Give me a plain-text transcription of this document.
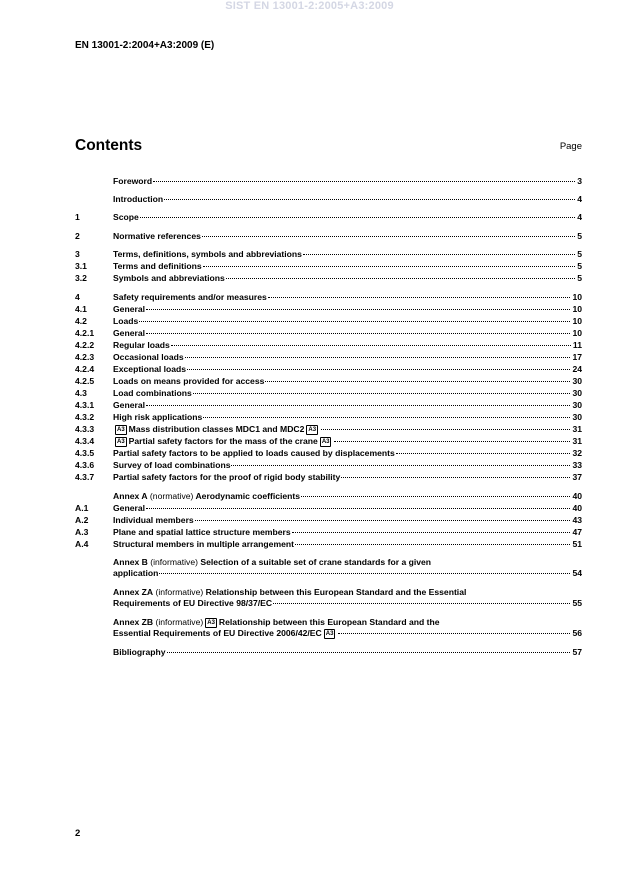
SIST EN 13001-2:2005+A3:2009
EN 13001-2:2004+A3:2009 (E)
Contents	Page
Foreword	3
Introduction	4
1	Scope	4
2	Normative references	5
3	Terms, definitions, symbols and abbreviations	5
3.1	Terms and definitions	5
3.2	Symbols and abbreviations	5
4	Safety requirements and/or measures	10
4.1	General	10
4.2	Loads	10
4.2.1	General	10
4.2.2	Regular loads	11
4.2.3	Occasional loads	17
4.2.4	Exceptional loads	24
4.2.5	Loads on means provided for access	30
4.3	Load combinations	30
4.3.1	General	30
4.3.2	High risk applications	30
4.3.3	A3 Mass distribution classes MDC1 and MDC2 A3	31
4.3.4	A3 Partial safety factors for the mass of the crane A3	31
4.3.5	Partial safety factors to be applied to loads caused by displacements	32
4.3.6	Survey of load combinations	33
4.3.7	Partial safety factors for the proof of rigid body stability	37
Annex A (normative) Aerodynamic coefficients	40
A.1	General	40
A.2	Individual members	43
A.3	Plane and spatial lattice structure members	47
A.4	Structural members in multiple arrangement	51
Annex B (informative) Selection of a suitable set of crane standards for a given
application	54
Annex ZA (informative) Relationship between this European Standard and the Essential
Requirements of EU Directive 98/37/EC	55
Annex ZB (informative) A3 Relationship between this European Standard and the
Essential Requirements of EU Directive 2006/42/EC A3	56
Bibliography	57
2
